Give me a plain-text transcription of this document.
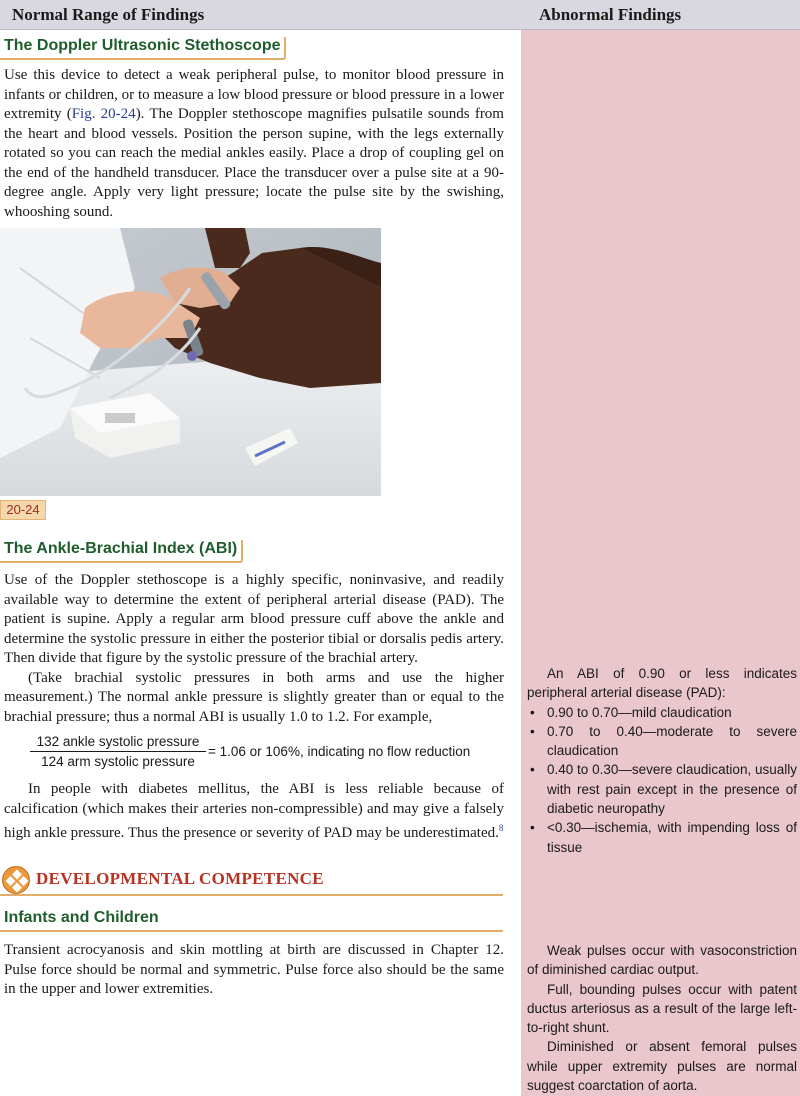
Normal Range of Findings	Abnormal Findings
The Doppler Ultrasonic Stethoscope

Use this device to detect a weak peripheral pulse, to monitor blood pressure in infants or children, or to measure a low blood pressure or blood pressure in a lower extremity (Fig. 20-24). The Doppler stethoscope magnifies pulsatile sounds from the heart and blood vessels. Position the person supine, with the legs externally rotated so you can reach the medial ankles easily. Place a drop of coupling gel on the end of the handheld transducer. Place the transducer over a pulse site at a 90-degree angle. Apply very light pressure; locate the pulse site by the swishing, whooshing sound.

20-24
The Ankle-Brachial Index (ABI)

Use of the Doppler stethoscope is a highly specific, noninvasive, and readily available way to determine the extent of peripheral arterial disease (PAD). The patient is supine. Apply a regular arm blood pressure cuff above the ankle and determine the systolic pressure in either the posterior tibial or dorsalis pedis artery. Then divide that figure by the systolic pressure of the brachial artery.

(Take brachial systolic pressures in both arms and use the higher measurement.) The normal ankle pressure is slightly greater than or equal to the brachial pressure; thus a normal ABI is usually 1.0 to 1.2. For example,

132 ankle systolic pressure
124 arm systolic pressure
= 1.06 or 106%, indicating no flow reduction

In people with diabetes mellitus, the ABI is less reliable because of calcification (which makes their arteries non-compressible) and may give a falsely high ankle pressure. Thus the presence or severity of PAD may be underestimated.$^8$

DEVELOPMENTAL COMPETENCE
Infants and Children
Transient acrocyanosis and skin mottling at birth are discussed in Chapter 12. Pulse force should be normal and symmetric. Pulse force also should be the same in the upper and lower extremities.

An ABI of 0.90 or less indicates peripheral arterial disease (PAD):

• 0.90 to 0.70—mild claudication
• 0.70 to 0.40—moderate to severe claudication
• 0.40 to 0.30—severe claudication, usually with rest pain except in the presence of diabetic neuropathy
• <0.30—ischemia, with impending loss of tissue

Weak pulses occur with vasoconstriction of diminished cardiac output.

Full, bounding pulses occur with patent ductus arteriosus as a result of the large left-to-right shunt.

Diminished or absent femoral pulses while upper extremity pulses are normal suggest coarctation of aorta.
